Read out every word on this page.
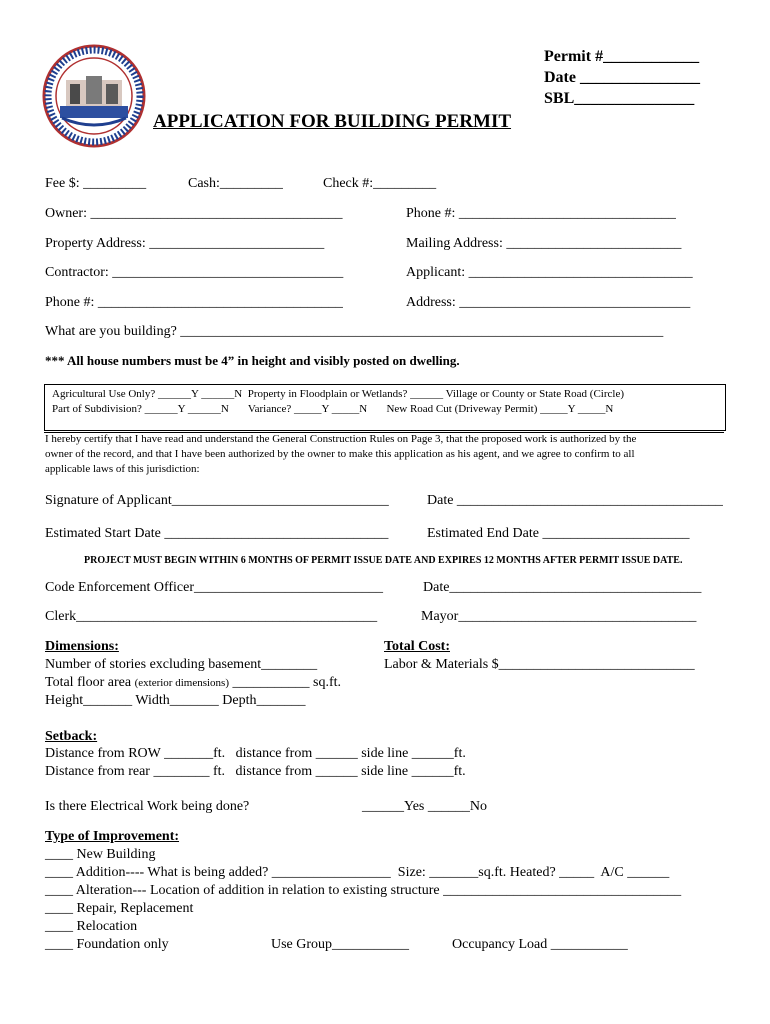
Permit #____________
Date _______________
SBL_______________
APPLICATION FOR BUILDING PERMIT
Fee $: _________	Cash:_________	Check #:_________
Owner: ____________________________________	Phone #: _______________________________
Property Address: _________________________	Mailing Address: _________________________
Contractor: _________________________________	Applicant: ________________________________
Phone #: ___________________________________	Address: _________________________________
What are you building? _____________________________________________________________________
*** All house numbers must be 4” in height and visibly posted on dwelling.
Agricultural Use Only? ______Y ______N  Property in Floodplain or Wetlands? ______ Village or County or State Road (Circle)
Part of Subdivision? ______Y ______N       Variance? _____Y _____N       New Road Cut (Driveway Permit) _____Y _____N
I hereby certify that I have read and understand the General Construction Rules on Page 3, that the proposed work is authorized by the
owner of the record, and that I have been authorized by the owner to make this application as his agent, and we agree to confirm to all
applicable laws of this jurisdiction:
Signature of Applicant_______________________________	Date ______________________________________
Estimated Start Date ________________________________	Estimated End Date _____________________
PROJECT MUST BEGIN WITHIN 6 MONTHS OF PERMIT ISSUE DATE AND EXPIRES 12 MONTHS AFTER PERMIT ISSUE DATE.
Code Enforcement Officer___________________________	Date____________________________________
Clerk___________________________________________	Mayor__________________________________
Dimensions:
Number of stories excluding basement________
Total floor area (exterior dimensions) ___________ sq.ft.
Height_______ Width_______ Depth_______
Total Cost:
Labor & Materials $____________________________
Setback:
Distance from ROW _______ft.   distance from ______ side line ______ft.
Distance from rear ________ ft.   distance from ______ side line ______ft.
Is there Electrical Work being done?	______Yes ______No
Type of Improvement:
____ New Building
____ Addition---- What is being added? _________________  Size: _______sq.ft. Heated? _____  A/C ______
____ Alteration--- Location of addition in relation to existing structure __________________________________
____ Repair, Replacement
____ Relocation
____ Foundation only	Use Group___________	Occupancy Load ___________
